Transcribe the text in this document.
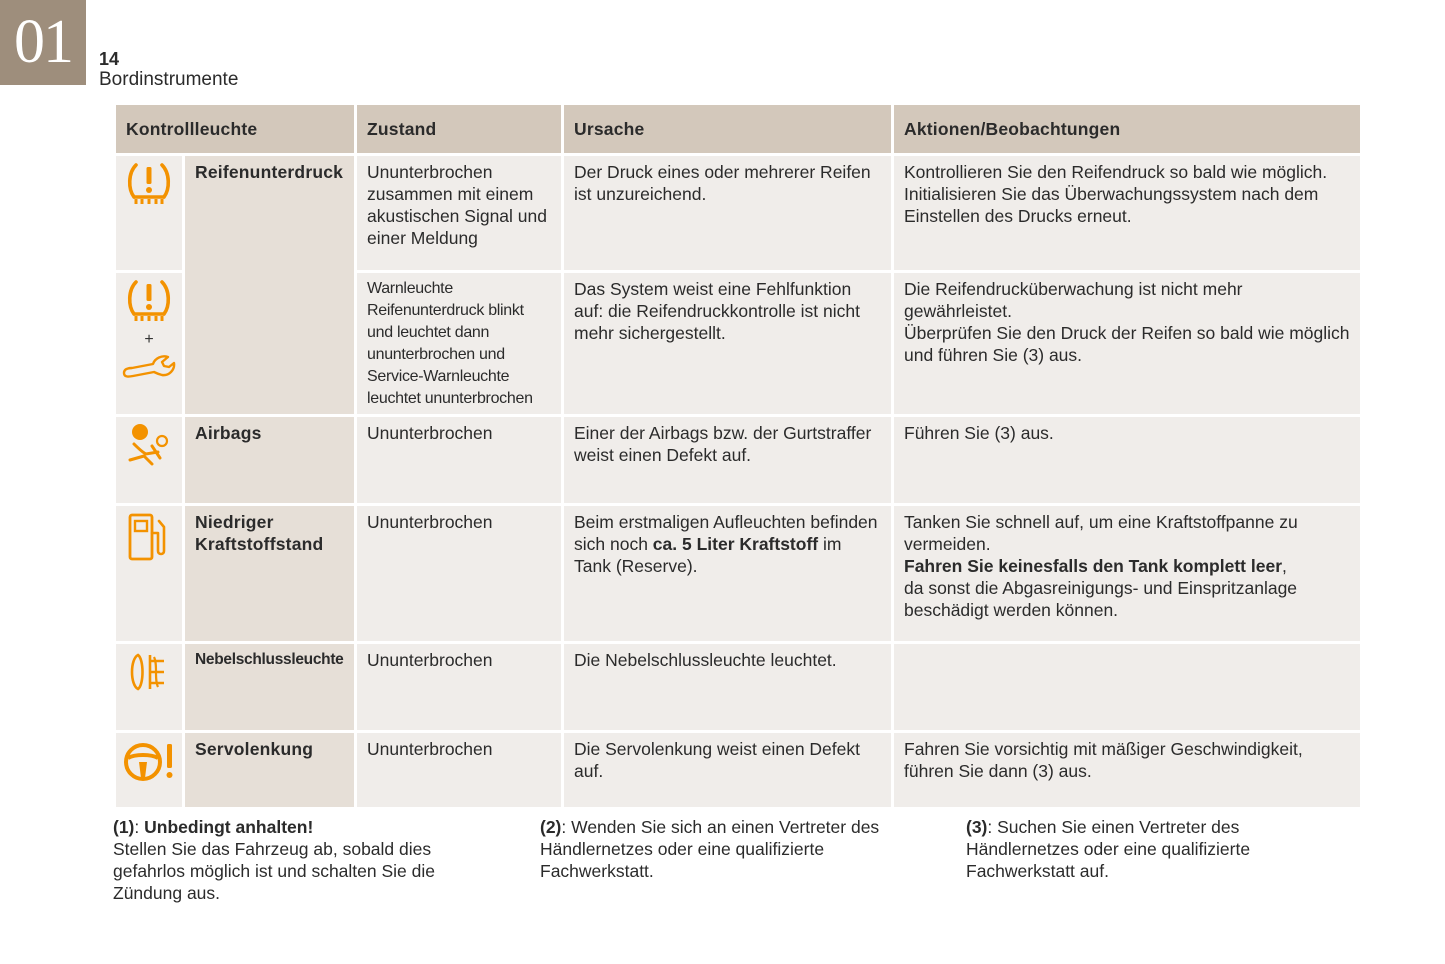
01	14
Bordinstrumente
Kontrollleuchte		Zustand	Ursache	Aktionen/Beobachtungen
	Reifenunterdruck	Ununterbrochen zusammen mit einem akustischen Signal und einer Meldung	Der Druck eines oder mehrerer Reifen ist unzureichend.	Kontrollieren Sie den Reifendruck so bald wie möglich.
Initialisieren Sie das Überwachungssystem nach dem Einstellen des Drucks erneut.

+		Warnleuchte Reifenunterdruck blinkt und leuchtet dann ununterbrochen und Service-Warnleuchte leuchtet ununterbrochen	Das System weist eine Fehlfunktion auf: die Reifendruckkontrolle ist nicht mehr sichergestellt.	Die Reifendrucküberwachung ist nicht mehr gewährleistet.
Überprüfen Sie den Druck der Reifen so bald wie möglich und führen Sie (3) aus.

	Airbags	Ununterbrochen	Einer der Airbags bzw. der Gurtstraffer weist einen Defekt auf.	Führen Sie (3) aus.

	Niedriger Kraftstoffstand	Ununterbrochen	Beim erstmaligen Aufleuchten befinden sich noch ca. 5 Liter Kraftstoff im Tank (Reserve).	Tanken Sie schnell auf, um eine Kraftstoffpanne zu vermeiden.
Fahren Sie keinesfalls den Tank komplett leer,
da sonst die Abgasreinigungs- und Einspritzanlage beschädigt werden können.

	Nebelschlussleuchte	Ununterbrochen	Die Nebelschlussleuchte leuchtet.	
	Servolenkung	Ununterbrochen	Die Servolenkung weist einen Defekt auf.	Fahren Sie vorsichtig mit mäßiger Geschwindigkeit, führen Sie dann (3) aus.
(1): Unbedingt anhalten!
Stellen Sie das Fahrzeug ab, sobald dies gefahrlos möglich ist und schalten Sie die Zündung aus.
(2): Wenden Sie sich an einen Vertreter des Händlernetzes oder eine qualifizierte Fachwerkstatt.
(3): Suchen Sie einen Vertreter des Händlernetzes oder eine qualifizierte Fachwerkstatt auf.
